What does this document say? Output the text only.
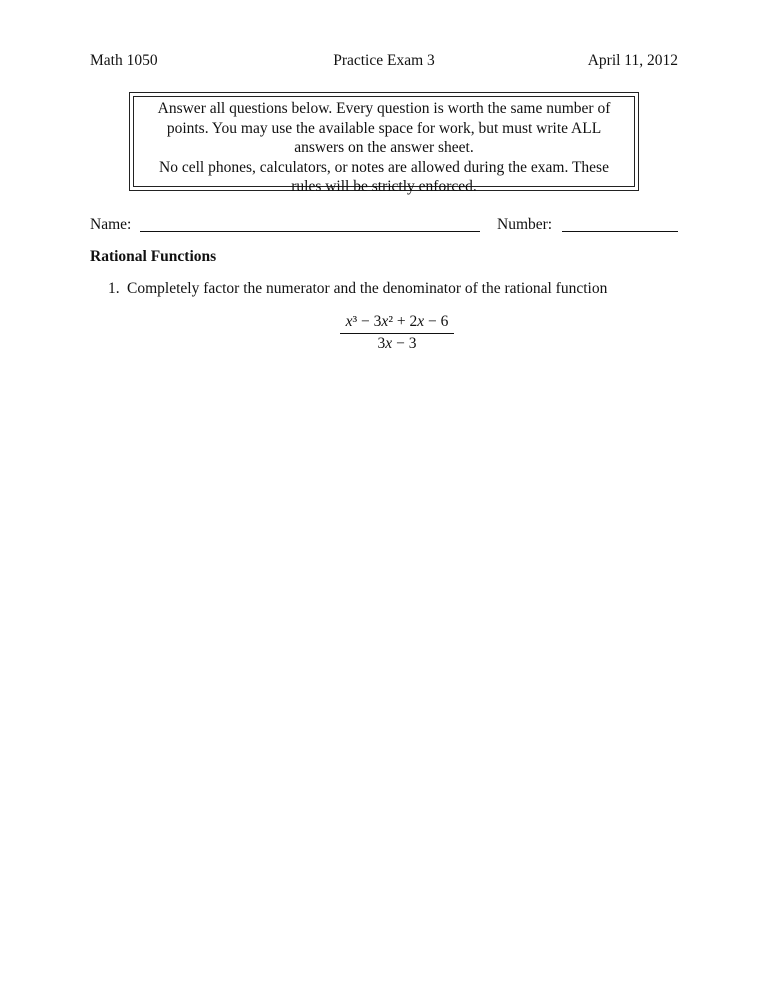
Math 1050	Practice Exam 3	April 11, 2012
Answer all questions below. Every question is worth the same number of
points. You may use the available space for work, but must write ALL
answers on the answer sheet.
No cell phones, calculators, or notes are allowed during the exam. These
rules will be strictly enforced.
Name:	Number:
Rational Functions
1. Completely factor the numerator and the denominator of the rational function
$\frac{\text{x³ − 3x² + 2x − 6}}{3x - 3}$
